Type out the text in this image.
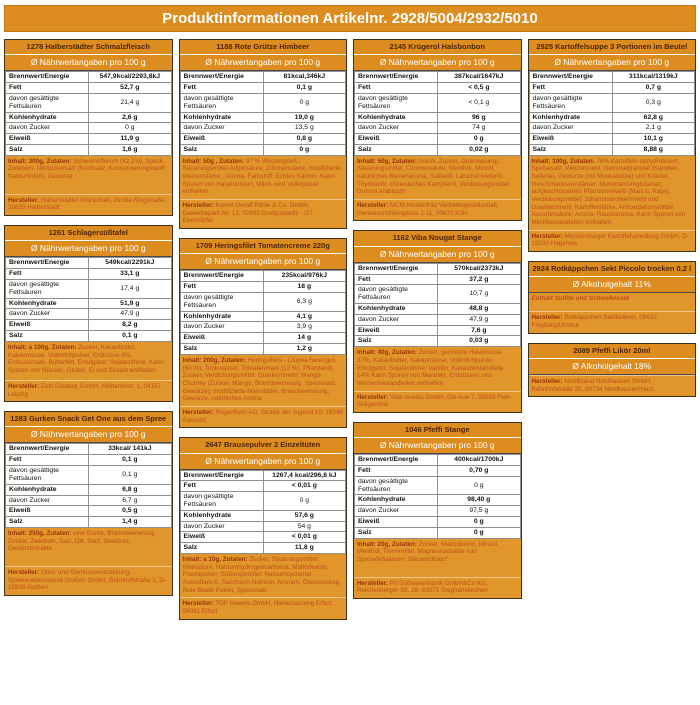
Produktinformationen Artikelnr. 2928/5004/2932/5010
1278 Halberstädter Schmalzfleisch
Ø Nährwertangaben pro 100 g
Brennwert/Energie	547,9kcal/2293,8kJ
Fett	52,7 g
davon gesättigte Fettsäuren	21,4 g
Kohlenhydrate	2,6 g
davon Zucker	0 g
Eiweiß	11,9 g
Salz	1,6 g
Inhalt: 300g, Zutaten: Schweinefleisch (42,1%), Speck, Zwiebeln, Nitritpökelsalz (Kochsalz, Konservierungsstoff: Natriumnitrit), Gewürze
Hersteller: Halberstädter Würstchen, Große Ringstraße, 38820 Halberstadt
1261 Schlagersüßtafel
Ø Nährwertangaben pro 100 g
Brennwert/Energie	549kcal/2291kJ
Fett	33,1 g
davon gesättigte Fettsäuren	17,4 g
Kohlenhydrate	51,9 g
davon Zucker	47,9 g
Eiweiß	8,2 g
Salz	0,1 g
Inhalt: a 100g, Zutaten: Zucker, Kakaobutter, Kakaomasse, Vollmilchpulver, Erdnüsse 8%, Erdnussmark, Butterfett, Emulgator: Sojalecithine. Kann Spuren von Nüssen, Gluten, Ei und Sesam enthalten.
Hersteller: Zetti Goldeck GmbH, Hölderlinstr. 1, 04157 Leipzig
1283 Gurken Snack Get One aus dem Spree
Ø Nährwertangaben pro 100 g
Brennwert/Energie	33kcal/ 141kJ
Fett	0,1 g
davon gesättigte Fettsäuren	0,1 g
Kohlenhydrate	6,8 g
davon Zucker	6,7 g
Eiweiß	0,5 g
Salz	1,4 g
Inhalt: 250g, Zutaten: eine Gurke, Branntweinessig, Zucker, Zwiebeln, Salz, Dill, Senf, Gewürze, Gewürzextrakte
Hersteller: Obst- und Gemüseverarbeitung, Spreewaldkonserve Golßen GmbH, Bahnhofstraße 1, D-15938 Golßen
1188 Rote Grütze Himbeer
Ø Nährwertangaben pro 100 g
Brennwert/Energie	81kcal,346kJ
Fett	0,1 g
davon gesättigte Fettsäuren	0 g
Kohlenhydrate	19,0 g
davon Zucker	13,5 g
Eiweiß	0,8 g
Salz	0 g
Inhalt: 50g , Zutaten: 97 % Weizengrieß , Säuerungsmittel Adipinsäure, Zitronensäure, modifizierte Weizenstärke , Aroma, Farbstoff: Echtes Karmin. Kann Spuren von Haselnüssen, Milch- und Volleipulver enthalten.
Hersteller: Komet Gerolf Pöhle & Co. GmbH, Gewerbepark Nr. 13, 02692 Großpostwitz - OT Ebendörfel
1709 Heringsfilet Tomatencreme 220g
Ø Nährwertangaben pro 100 g
Brennwert/Energie	235kcal/976kJ
Fett	18 g
davon gesättigte Fettsäuren	6,3 g
Kohlenhydrate	4,1 g
davon Zucker	3,9 g
Eiweiß	14 g
Salz	1,2 g
Inhalt: 200g, Zutaten: Heringsfilets - Clupea harengus (60 %), Trinkwasser, Tomatenmark (12 %), Pflanzenöl, Zucker, Verdickungsmittel: Guarkernmehl; Mango-Chutney (Zucker, Mango, Branntweinessig, Speisesalz, Gewürze), modifizierte Maisstärke, Branntweinessig, Gewürze, natürliches Aroma
Hersteller: Rügenfisch AG, Straße der Jugend 10, 18546 Sassnitz
2647 Brausepulver 2 Einzeltüten
Ø Nährwertangaben pro 100 g
Brennwert/Energie	1267,4 kcal/296,8 kJ
Fett	< 0,01 g
davon gesättigte Fettsäuren	0 g
Kohlenhydrate	57,6 g
davon Zucker	54 g
Eiweiß	< 0,01 g
Salz	11,8 g
Inhalt: a 10g, Zutaten: Zucker, Säuerungsmittel: Weinsäure, Natriumhydrogencarbonat, Maltodextrin, Fruchtpulver, Süßungsmittel: Natriumcyclamat, Acesulfam-K, Saccharin-Natrium, Aromen, Glukosesirup, Rote Beete Pulver, Speisesalz
Hersteller: TOP Sweets GmbH, Niederlassung Erfurt, 99091 Erfurt
2145 Krügerol Halsbonbon
Ø Nährwertangaben pro 100 g
Brennwert/Energie	387kcal/1647kJ
Fett	< 0,5 g
davon gesättigte Fettsäuren	< 0,1 g
Kohlenhydrate	96 g
davon Zucker	74 g
Eiweiß	0 g
Salz	0,02 g
Inhalt: 50g, Zutaten: Anisöl, Zucker, Glukosesirup, Säuerungsmittel, Citronensäure, Menthol, Minzöl, natürliches Bienenaroma, Salbeiöl, Latschenkieferöl, Thymianöl, chinesisches Kampferöl, Verdickungsmittel Gummi arabicum
Hersteller: MCM Klosterfrau Vertriebsgesellschaft, Gereonsmühlengasse 1-11, 50670 Köln
1162 Viba Nougat Stange
Ø Nährwertangaben pro 100 g
Brennwert/Energie	570kcal/2373kJ
Fett	37,2 g
davon gesättigte Fettsäuren	10,7 g
Kohlenhydrate	48,8 g
davon Zucker	47,9 g
Eiweiß	7,6 g
Salz	0,03 g
Inhalt: 40g, Zutaten: Zucker, geröstete Haselnüsse 37%, Kakaobutter, Kakaomasse, Vollmilchpulver, Emulgator: Sojalecithine; Vanillin, Kakaobestandteile 14% Kann Spuren von Mandeln, Erdnüssen und Weizenbestandteilen enthalten.
Hersteller: Viba sweets GmbH, Die Aue 7, 98593 Floh-Seligenthal
1046 Pfeffi Stange
Ø Nährwertangaben pro 100 g
Brennwert/Energie	400kcal/1700kJ
Fett	0,70 g
davon gesättigte Fettsäuren	0 g
Kohlenhydrate	98,40 g
davon Zucker	97,5 g
Eiweiß	0 g
Salz	0 g
Inhalt: 20g, Zutaten: Zucker, Maltodextrin, Minzöl, Menthol, Trennmittel: Magnesiumsalze von Speisefettsäuren; Siliciumdioxid"
Hersteller: Pit Süßwarenfabrik GmbH&Co KG, Reichenberger Str. 26, 83071 Stephanskirchen
2925 Kartoffelsuppe 3 Portionen im Beutel
Ø Nährwertangaben pro 100 g
Brennwert/Energie	311kcal/1319kJ
Fett	0,7 g
davon gesättigte Fettsäuren	0,3 g
Kohlenhydrate	62,8 g
davon Zucker	2,1 g
Eiweiß	10,1 g
Salz	8,88 g
Inhalt: 100g, Zutaten: 76% Kartoffeln dehydratisiert, Speisesalz, Weizenmehl, Gemüsegranulat (Karotten, Sellerie), Gewürze (mit Muskatblüte) und Kräuter, Geschmacksverstärker: Mononatriumglutamat; aufgeschlossenes Pflanzeneiweiß (Mais u. Raps), Verdickungsmittel: Johannisbrotkernmehl und Guarkernmehl; Kartoffelstärke, Antioxidationsmittel Ascorbinsäure; Aroma, Raucharoma. Kann Spuren von Milchbestandteilen enthalten.
Hersteller: Mecklenburger Kartoffelveredlung GmbH, D-19230 Hagenow
2924 Rotkäppchen Sekt Piccolo trocken 0,2 l
Ø Alkoholgehalt 11%
Enthält Sulfite und Schwefeloxid
Hersteller: Rotkäppchen Sektkellerei, 06632 Freyburg/Unstrut
2089 Pfeffi Likör 20ml
Ø Alkoholgehalt 18%
Hersteller: Nordbrand Nordhausen GmbH, Bahnhofstraße 25, 99734 Nordhausen/Harz.
